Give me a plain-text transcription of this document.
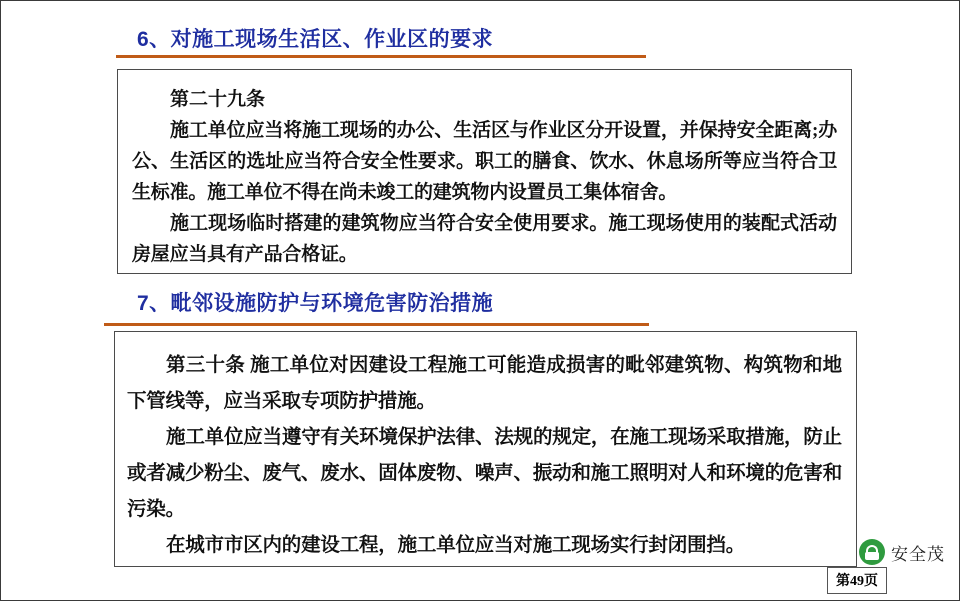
6、对施工现场生活区、作业区的要求

第二十九条

施工单位应当将施工现场的办公、生活区与作业区分开设置，并保持安全距离;办公、生活区的选址应当符合安全性要求。职工的膳食、饮水、休息场所等应当符合卫生标准。施工单位不得在尚未竣工的建筑物内设置员工集体宿舍。

施工现场临时搭建的建筑物应当符合安全使用要求。施工现场使用的装配式活动房屋应当具有产品合格证。

7、毗邻设施防护与环境危害防治措施

第三十条 施工单位对因建设工程施工可能造成损害的毗邻建筑物、构筑物和地下管线等，应当采取专项防护措施。

施工单位应当遵守有关环境保护法律、法规的规定，在施工现场采取措施，防止或者减少粉尘、废气、废水、固体废物、噪声、振动和施工照明对人和环境的危害和污染。

在城市市区内的建设工程，施工单位应当对施工现场实行封闭围挡。	安全茂
第49页
